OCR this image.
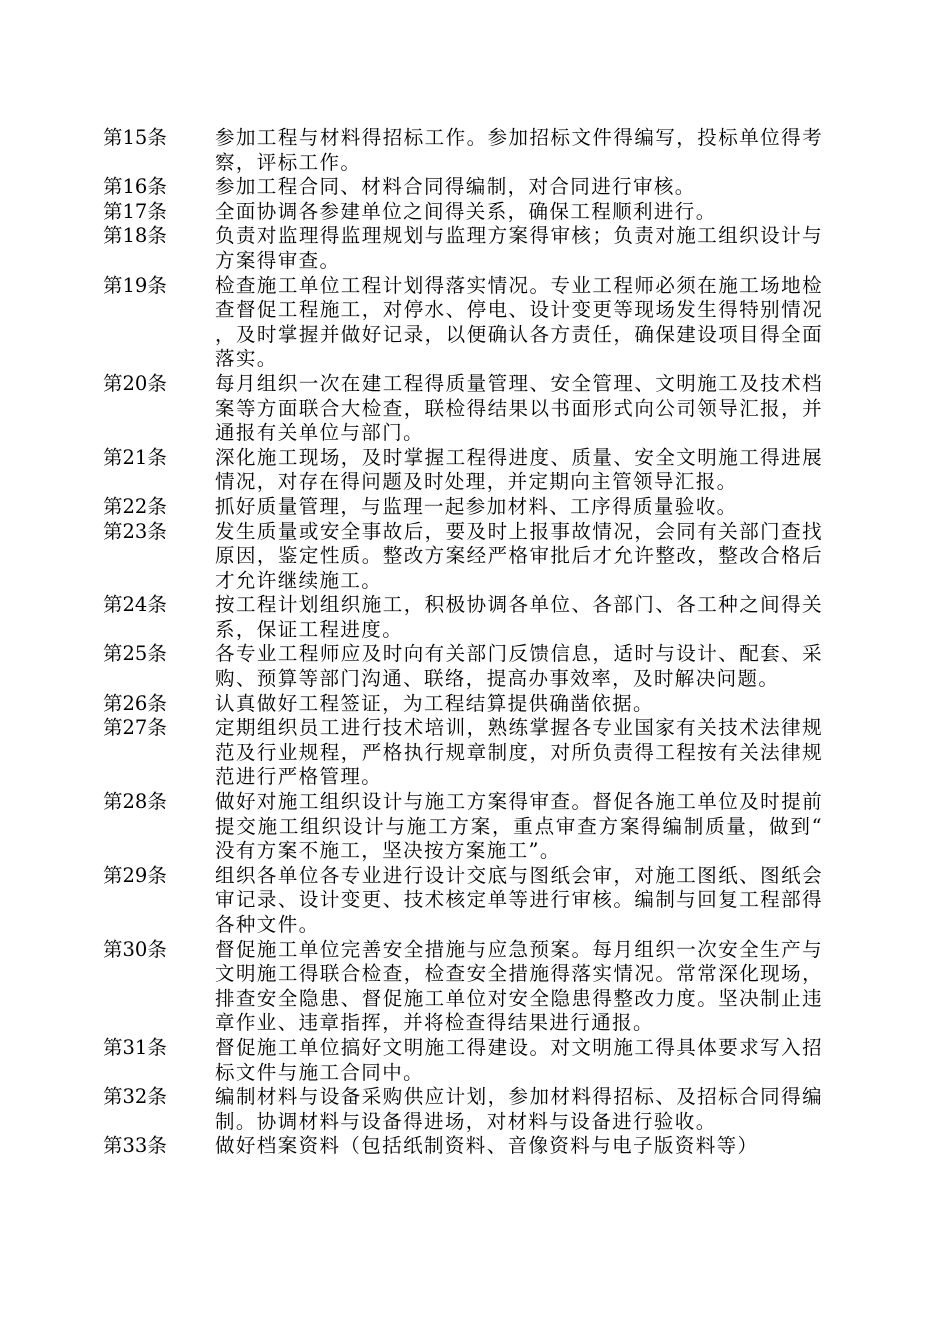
第15条	参加工程与材料得招标工作。参加招标文件得编写，投标单位得考察，评标工作。
第16条	参加工程合同、材料合同得编制，对合同进行审核。
第17条	全面协调各参建单位之间得关系，确保工程顺利进行。
第18条	负责对监理得监理规划与监理方案得审核；负责对施工组织设计与方案得审查。
第19条	检查施工单位工程计划得落实情况。专业工程师必须在施工场地检查督促工程施工，对停水、停电、设计变更等现场发生得特别情况，及时掌握并做好记录，以便确认各方责任，确保建设项目得全面落实。
第20条	每月组织一次在建工程得质量管理、安全管理、文明施工及技术档案等方面联合大检查，联检得结果以书面形式向公司领导汇报，并通报有关单位与部门。
第21条	深化施工现场，及时掌握工程得进度、质量、安全文明施工得进展情况，对存在得问题及时处理，并定期向主管领导汇报。
第22条	抓好质量管理，与监理一起参加材料、工序得质量验收。
第23条	发生质量或安全事故后，要及时上报事故情况，会同有关部门查找原因，鉴定性质。整改方案经严格审批后才允许整改，整改合格后才允许继续施工。
第24条	按工程计划组织施工，积极协调各单位、各部门、各工种之间得关系，保证工程进度。
第25条	各专业工程师应及时向有关部门反馈信息，适时与设计、配套、采购、预算等部门沟通、联络，提高办事效率，及时解决问题。
第26条	认真做好工程签证，为工程结算提供确凿依据。
第27条	定期组织员工进行技术培训，熟练掌握各专业国家有关技术法律规范及行业规程，严格执行规章制度，对所负责得工程按有关法律规范进行严格管理。
第28条	做好对施工组织设计与施工方案得审查。督促各施工单位及时提前提交施工组织设计与施工方案，重点审查方案得编制质量，做到“没有方案不施工，坚决按方案施工”。
第29条	组织各单位各专业进行设计交底与图纸会审，对施工图纸、图纸会审记录、设计变更、技术核定单等进行审核。编制与回复工程部得各种文件。
第30条	督促施工单位完善安全措施与应急预案。每月组织一次安全生产与文明施工得联合检查，检查安全措施得落实情况。常常深化现场，排查安全隐患、督促施工单位对安全隐患得整改力度。坚决制止违章作业、违章指挥，并将检查得结果进行通报。
第31条	督促施工单位搞好文明施工得建设。对文明施工得具体要求写入招标文件与施工合同中。
第32条	编制材料与设备采购供应计划，参加材料得招标、及招标合同得编制。协调材料与设备得进场，对材料与设备进行验收。
第33条	做好档案资料（包括纸制资料、音像资料与电子版资料等）
